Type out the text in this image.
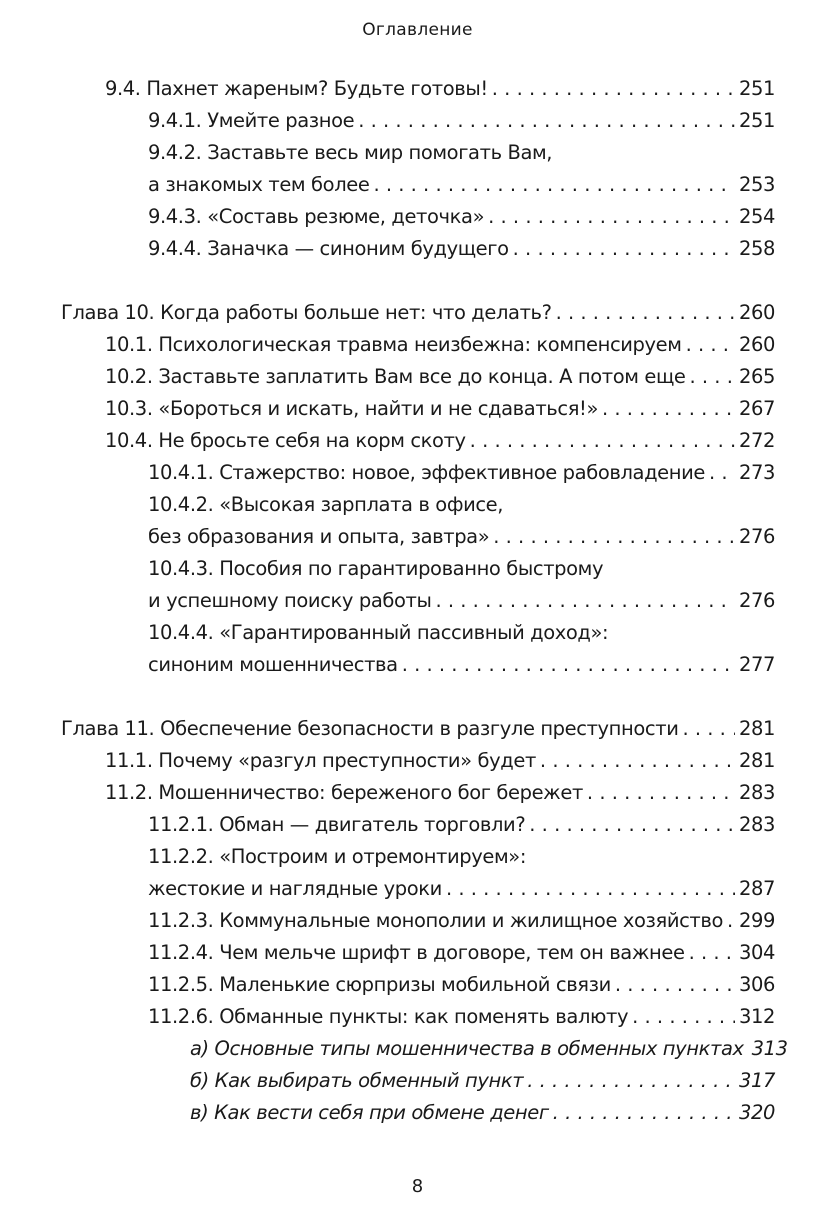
Оглавление
9.4. Пахнет жареным? Будьте готовы! . . .	251
9.4.1. Умейте разное . . .	251
9.4.2. Заставьте весь мир помогать Вам,
а знакомых тем более . . .	253
9.4.3. «Составь резюме, деточка» . . .	254
9.4.4. Заначка — синоним будущего . . .	258
Глава 10. Когда работы больше нет: что делать? . . .	260
10.1. Психологическая травма неизбежна: компенсируем . . .	260
10.2. Заставьте заплатить Вам все до конца. А потом еще . . .	265
10.3. «Бороться и искать, найти и не сдаваться!» . . .	267
10.4. Не бросьте себя на корм скоту . . .	272
10.4.1. Стажерство: новое, эффективное рабовладение . . . 273
10.4.2. «Высокая зарплата в офисе,
без образования и опыта, завтра» . . .	276
10.4.3. Пособия по гарантированно быстрому
и успешному поиску работы . . .	276
10.4.4. «Гарантированный пассивный доход»:
синоним мошенничества . . .	277
Глава 11. Обеспечение безопасности в разгуле преступности . . .	281
11.1. Почему «разгул преступности» будет . . .	281
11.2. Мошенничество: береженого бог бережет . . .	283
11.2.1. Обман — двигатель торговли? . . .	283
11.2.2. «Построим и отремонтируем»:
жестокие и наглядные уроки . . .	287
11.2.3. Коммунальные монополии и жилищное хозяйство . . . 299
11.2.4. Чем мельче шрифт в договоре, тем он важнее . . .	304
11.2.5. Маленькие сюрпризы мобильной связи . . .	306
11.2.6. Обманные пункты: как поменять валюту . . .	312
а) Основные типы мошенничества в обменных пунктах 313
б) Как выбирать обменный пункт . . .	317
в) Как вести себя при обмене денег . . .	320
8
